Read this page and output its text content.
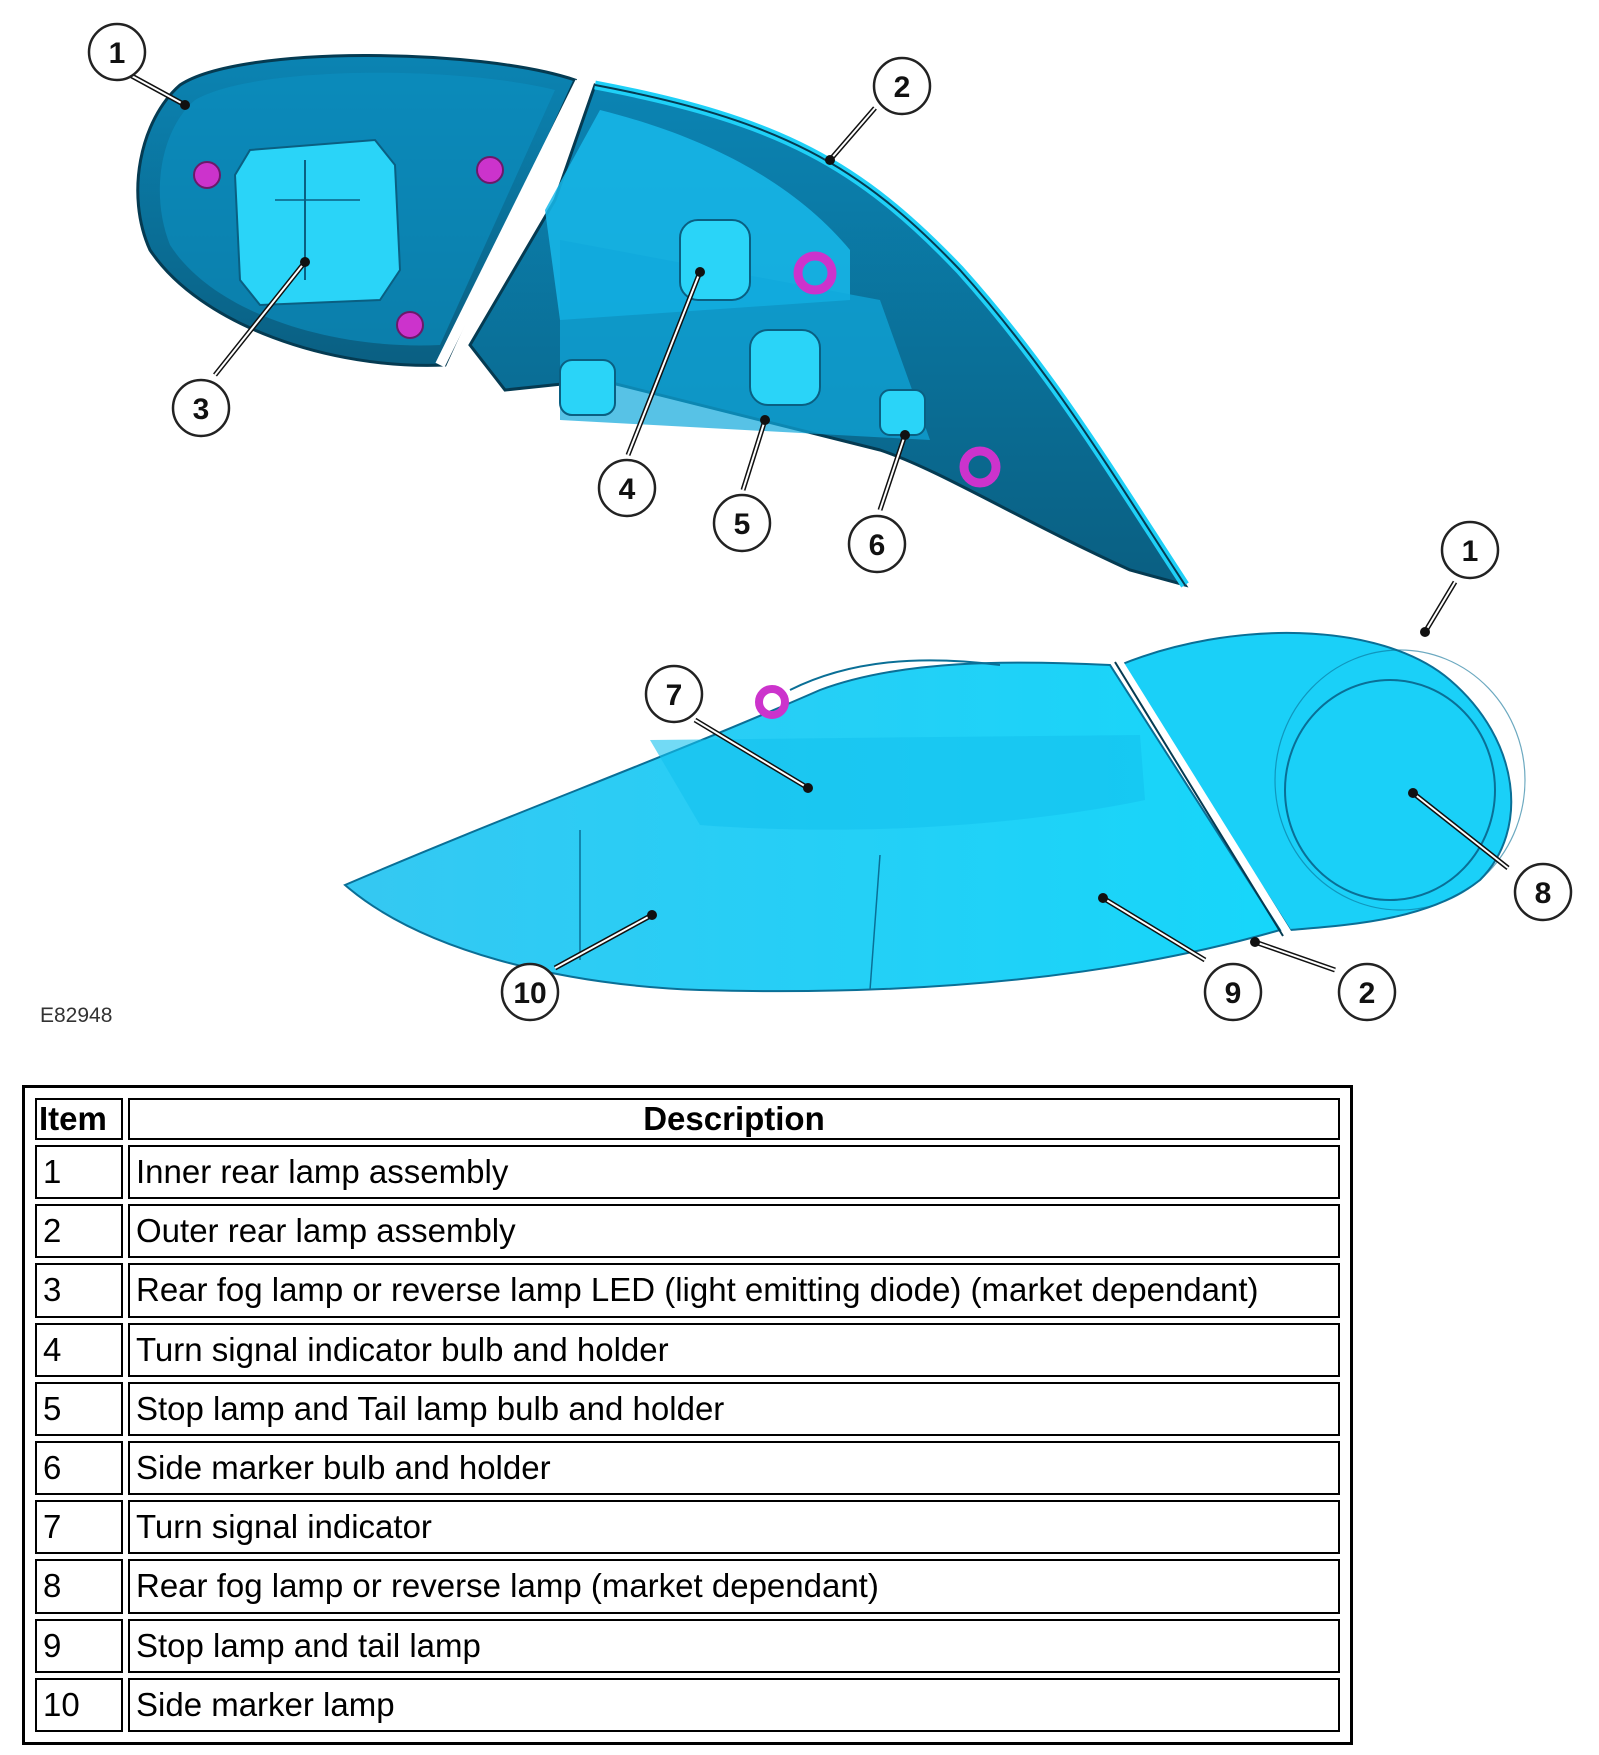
1
2
3
4
5
6	1
7
8
10	9	2
E82948
Item	Description
1	Inner rear lamp assembly
2	Outer rear lamp assembly
3	Rear fog lamp or reverse lamp LED (light emitting diode) (market dependant)
4	Turn signal indicator bulb and holder
5	Stop lamp and Tail lamp bulb and holder
6	Side marker bulb and holder
7	Turn signal indicator
8	Rear fog lamp or reverse lamp (market dependant)
9	Stop lamp and tail lamp
10	Side marker lamp
